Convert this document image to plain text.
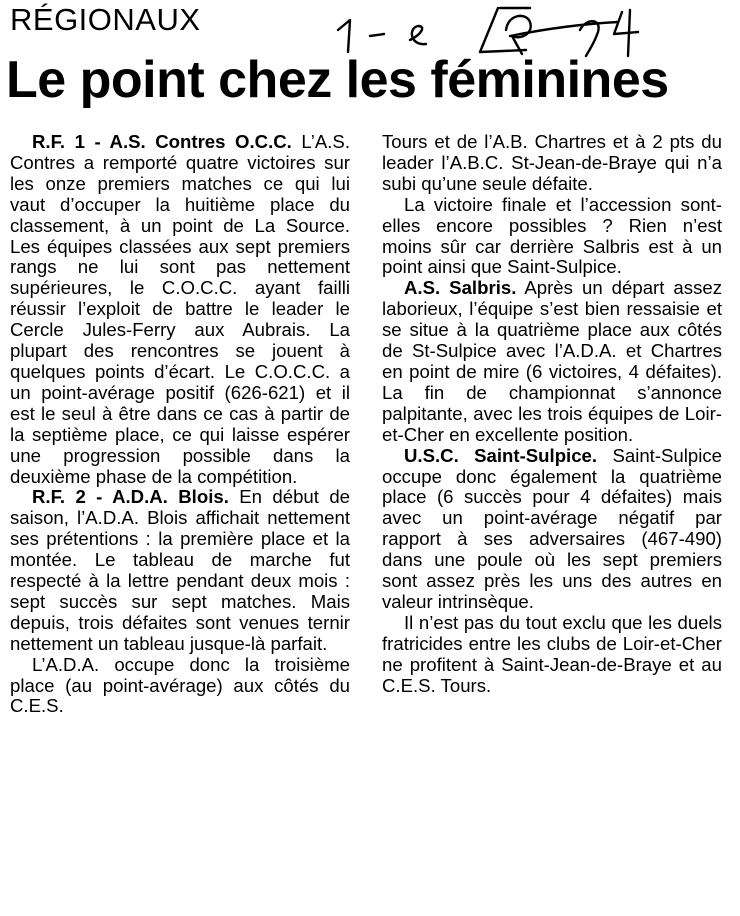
RÉGIONAUX
Le point chez les féminines

R.F. 1 - A.S. Contres O.C.C. L’A.S. Contres a remporté quatre victoires sur les onze premiers matches ce qui lui vaut d’occuper la huitième place du classement, à un point de La Source. Les équipes classées aux sept premiers rangs ne lui sont pas nettement supérieures, le C.O.C.C. ayant failli réussir l’exploit de battre le leader le Cercle Jules-Ferry aux Aubrais. La plupart des rencontres se jouent à quelques points d’écart. Le C.O.C.C. a un point-avérage positif (626-621) et il est le seul à être dans ce cas à partir de la septième place, ce qui laisse espérer une progression possible dans la deuxième phase de la compétition.

R.F. 2 - A.D.A. Blois. En début de saison, l’A.D.A. Blois affichait nettement ses prétentions : la première place et la montée. Le tableau de marche fut respecté à la lettre pendant deux mois : sept succès sur sept matches. Mais depuis, trois défaites sont venues ternir nettement un tableau jusque-là parfait.

L’A.D.A. occupe donc la troisième place (au point-avérage) aux côtés du C.E.S.

Tours et de l’A.B. Chartres et à 2 pts du leader l’A.B.C. St-Jean-de-Braye qui n’a subi qu’une seule défaite.

La victoire finale et l’accession sont-elles encore possibles ? Rien n’est moins sûr car derrière Salbris est à un point ainsi que Saint-Sulpice.

A.S. Salbris. Après un départ assez laborieux, l’équipe s’est bien ressaisie et se situe à la quatrième place aux côtés de St-Sulpice avec l’A.D.A. et Chartres en point de mire (6 victoires, 4 défaites). La fin de championnat s’annonce palpitante, avec les trois équipes de Loir-et-Cher en excellente position.

U.S.C. Saint-Sulpice. Saint-Sulpice occupe donc également la quatrième place (6 succès pour 4 défaites) mais avec un point-avérage négatif par rapport à ses adversaires (467-490) dans une poule où les sept premiers sont assez près les uns des autres en valeur intrinsèque.

Il n’est pas du tout exclu que les duels fratricides entre les clubs de Loir-et-Cher ne profitent à Saint-Jean-de-Braye et au C.E.S. Tours.
